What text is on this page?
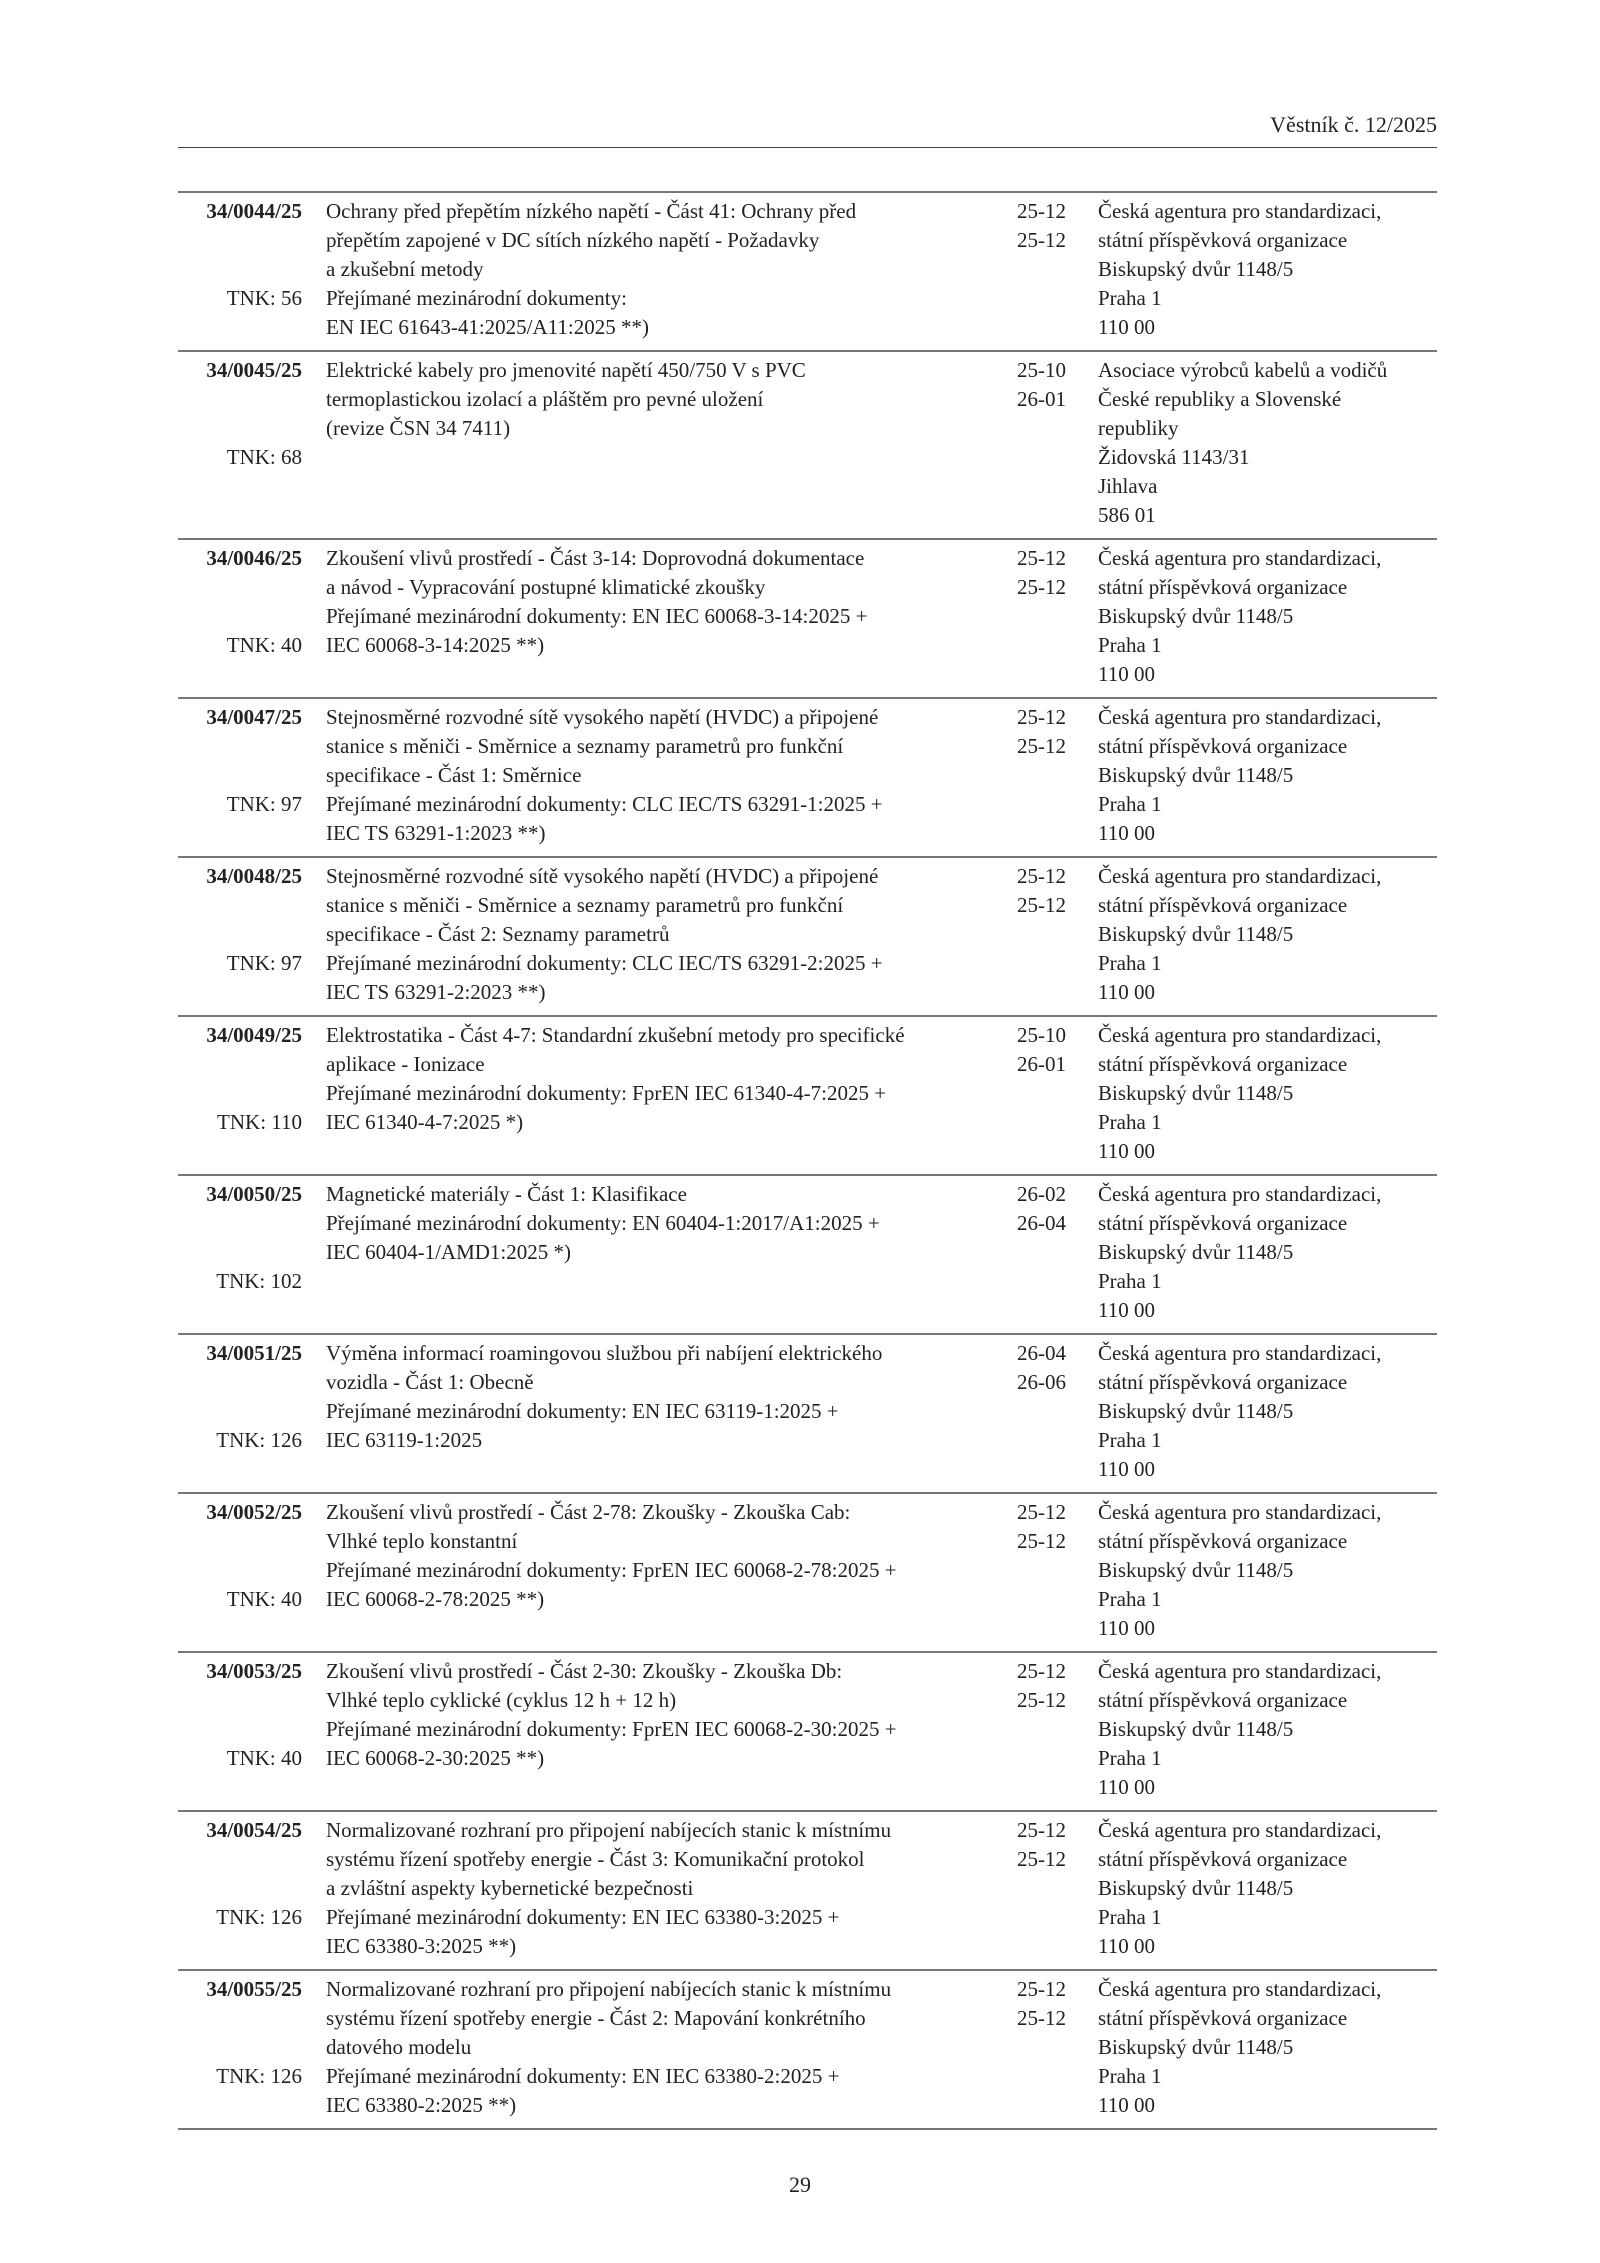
Věstník č. 12/2025
34/0044/25
TNK: 56
Ochrany před přepětím nízkého napětí - Část 41: Ochrany před
přepětím zapojené v DC sítích nízkého napětí - Požadavky
a zkušební metody
Přejímané mezinárodní dokumenty:
EN IEC 61643-41:2025/A11:2025 **)
25-12
25-12
Česká agentura pro standardizaci,
státní příspěvková organizace
Biskupský dvůr 1148/5
Praha 1
110 00
34/0045/25
TNK: 68
Elektrické kabely pro jmenovité napětí 450/750 V s PVC
termoplastickou izolací a pláštěm pro pevné uložení
(revize ČSN 34 7411)
25-10
26-01
Asociace výrobců kabelů a vodičů
České republiky a Slovenské
republiky
Židovská 1143/31
Jihlava
586 01
34/0046/25
TNK: 40
Zkoušení vlivů prostředí - Část 3-14: Doprovodná dokumentace
a návod - Vypracování postupné klimatické zkoušky
Přejímané mezinárodní dokumenty: EN IEC 60068-3-14:2025 +
IEC 60068-3-14:2025 **)
25-12
25-12
Česká agentura pro standardizaci,
státní příspěvková organizace
Biskupský dvůr 1148/5
Praha 1
110 00
34/0047/25
TNK: 97
Stejnosměrné rozvodné sítě vysokého napětí (HVDC) a připojené
stanice s měniči - Směrnice a seznamy parametrů pro funkční
specifikace - Část 1: Směrnice
Přejímané mezinárodní dokumenty: CLC IEC/TS 63291-1:2025 +
IEC TS 63291-1:2023 **)
25-12
25-12
Česká agentura pro standardizaci,
státní příspěvková organizace
Biskupský dvůr 1148/5
Praha 1
110 00
34/0048/25
TNK: 97
Stejnosměrné rozvodné sítě vysokého napětí (HVDC) a připojené
stanice s měniči - Směrnice a seznamy parametrů pro funkční
specifikace - Část 2: Seznamy parametrů
Přejímané mezinárodní dokumenty: CLC IEC/TS 63291-2:2025 +
IEC TS 63291-2:2023 **)
25-12
25-12
Česká agentura pro standardizaci,
státní příspěvková organizace
Biskupský dvůr 1148/5
Praha 1
110 00
34/0049/25
TNK: 110
Elektrostatika - Část 4-7: Standardní zkušební metody pro specifické
aplikace - Ionizace
Přejímané mezinárodní dokumenty: FprEN IEC 61340-4-7:2025 +
IEC 61340-4-7:2025 *)
25-10
26-01
Česká agentura pro standardizaci,
státní příspěvková organizace
Biskupský dvůr 1148/5
Praha 1
110 00
34/0050/25
TNK: 102
Magnetické materiály - Část 1: Klasifikace
Přejímané mezinárodní dokumenty: EN 60404-1:2017/A1:2025 +
IEC 60404-1/AMD1:2025 *)
26-02
26-04
Česká agentura pro standardizaci,
státní příspěvková organizace
Biskupský dvůr 1148/5
Praha 1
110 00
34/0051/25
TNK: 126
Výměna informací roamingovou službou při nabíjení elektrického
vozidla - Část 1: Obecně
Přejímané mezinárodní dokumenty: EN IEC 63119-1:2025 +
IEC 63119-1:2025
26-04
26-06
Česká agentura pro standardizaci,
státní příspěvková organizace
Biskupský dvůr 1148/5
Praha 1
110 00
34/0052/25
TNK: 40
Zkoušení vlivů prostředí - Část 2-78: Zkoušky - Zkouška Cab:
Vlhké teplo konstantní
Přejímané mezinárodní dokumenty: FprEN IEC 60068-2-78:2025 +
IEC 60068-2-78:2025 **)
25-12
25-12
Česká agentura pro standardizaci,
státní příspěvková organizace
Biskupský dvůr 1148/5
Praha 1
110 00
34/0053/25
TNK: 40
Zkoušení vlivů prostředí - Část 2-30: Zkoušky - Zkouška Db:
Vlhké teplo cyklické (cyklus 12 h + 12 h)
Přejímané mezinárodní dokumenty: FprEN IEC 60068-2-30:2025 +
IEC 60068-2-30:2025 **)
25-12
25-12
Česká agentura pro standardizaci,
státní příspěvková organizace
Biskupský dvůr 1148/5
Praha 1
110 00
34/0054/25
TNK: 126
Normalizované rozhraní pro připojení nabíjecích stanic k místnímu
systému řízení spotřeby energie - Část 3: Komunikační protokol
a zvláštní aspekty kybernetické bezpečnosti
Přejímané mezinárodní dokumenty: EN IEC 63380-3:2025 +
IEC 63380-3:2025 **)
25-12
25-12
Česká agentura pro standardizaci,
státní příspěvková organizace
Biskupský dvůr 1148/5
Praha 1
110 00
34/0055/25
TNK: 126
Normalizované rozhraní pro připojení nabíjecích stanic k místnímu
systému řízení spotřeby energie - Část 2: Mapování konkrétního
datového modelu
Přejímané mezinárodní dokumenty: EN IEC 63380-2:2025 +
IEC 63380-2:2025 **)
25-12
25-12
Česká agentura pro standardizaci,
státní příspěvková organizace
Biskupský dvůr 1148/5
Praha 1
110 00
29
